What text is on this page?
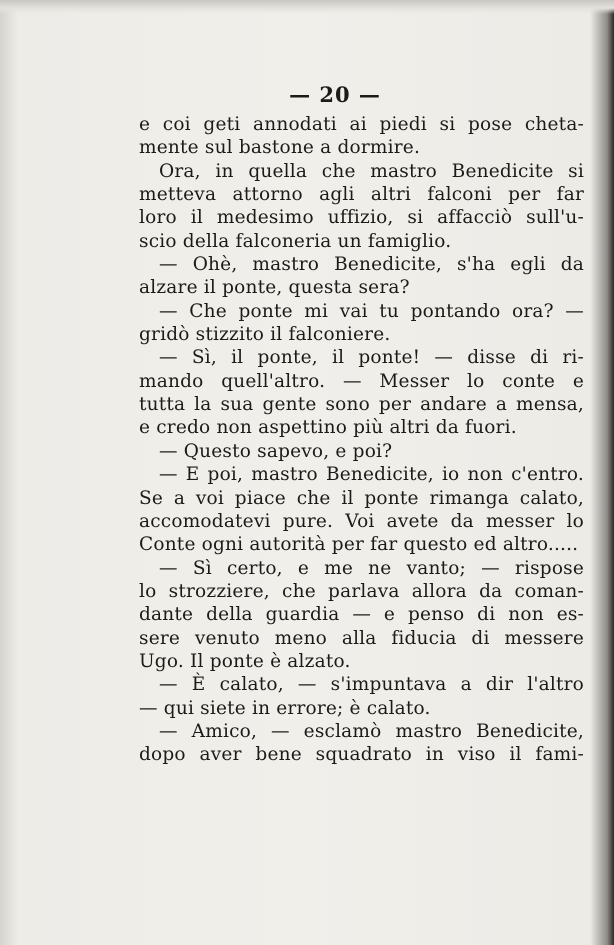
— 20 —
e coi geti annodati ai piedi si pose cheta-
mente sul bastone a dormire.
Ora, in quella che mastro Benedicite si
metteva attorno agli altri falconi per far
loro il medesimo uffizio, si affacciò sull'u-
scio della falconeria un famiglio.
— Ohè, mastro Benedicite, s'ha egli da
alzare il ponte, questa sera?
— Che ponte mi vai tu pontando ora? —
gridò stizzito il falconiere.
— Sì, il ponte, il ponte! — disse di ri-
mando quell'altro. — Messer lo conte e
tutta la sua gente sono per andare a mensa,
e credo non aspettino più altri da fuori.
— Questo sapevo, e poi?
— E poi, mastro Benedicite, io non c'entro.
Se a voi piace che il ponte rimanga calato,
accomodatevi pure. Voi avete da messer lo
Conte ogni autorità per far questo ed altro.....
— Sì certo, e me ne vanto; — rispose
lo strozziere, che parlava allora da coman-
dante della guardia — e penso di non es-
sere venuto meno alla fiducia di messere
Ugo. Il ponte è alzato.
— È calato, — s'impuntava a dir l'altro
— qui siete in errore; è calato.
— Amico, — esclamò mastro Benedicite,
dopo aver bene squadrato in viso il fami-
